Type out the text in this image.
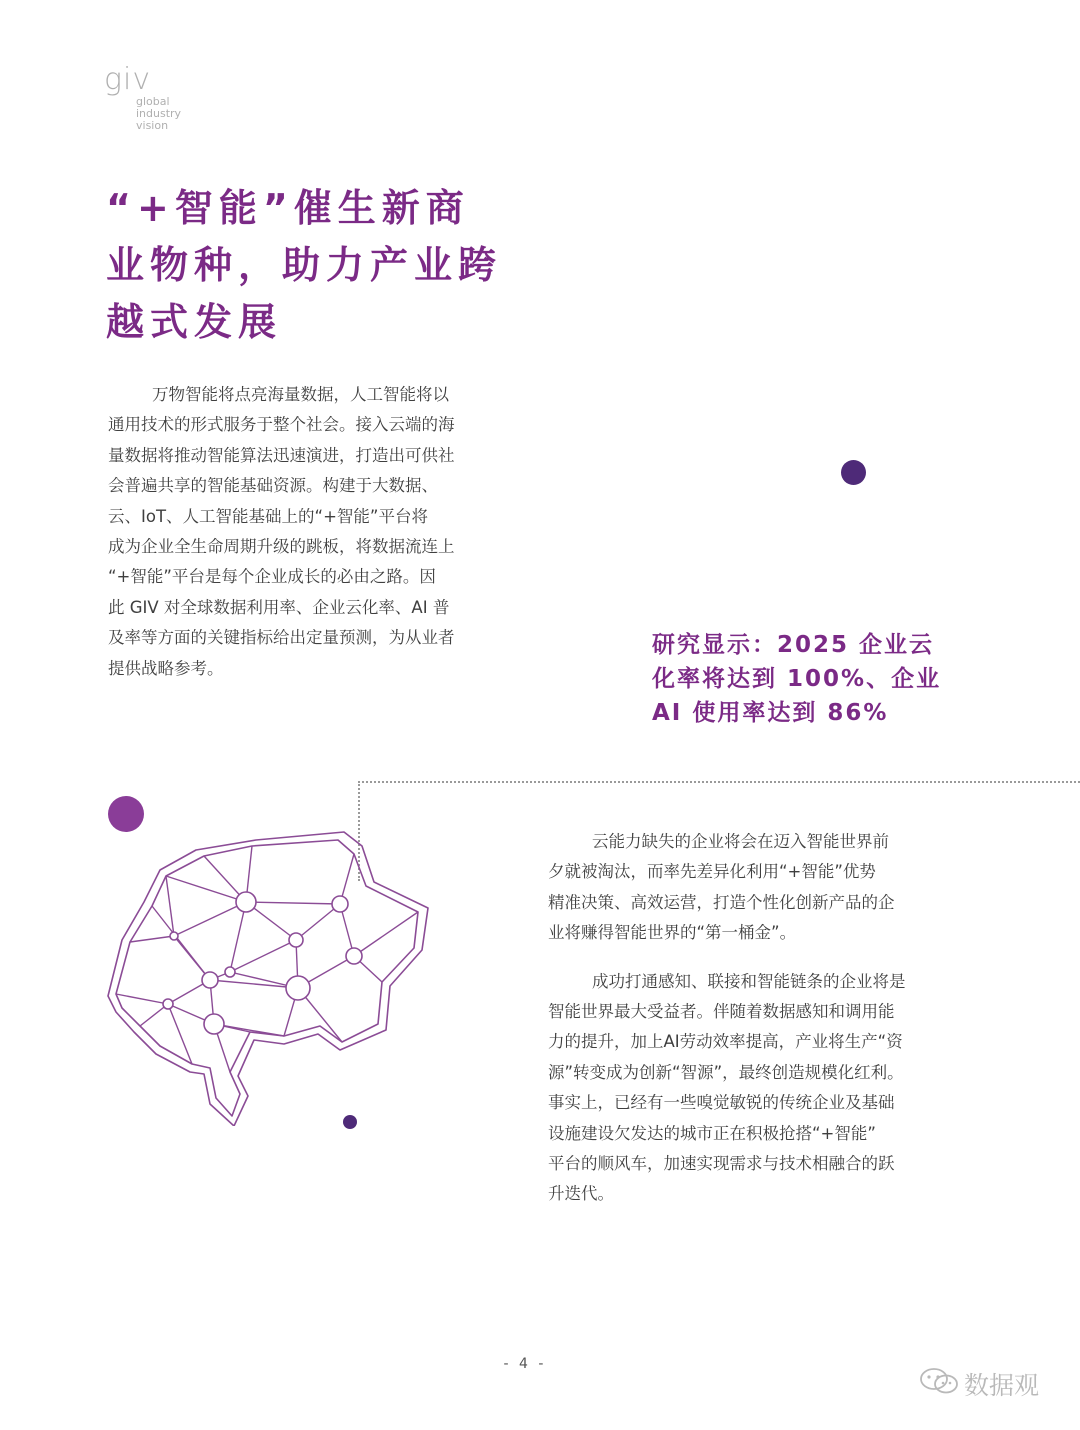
giv
global
industry
vision
“+智能”催生新商
业物种，助力产业跨
越式发展
万物智能将点亮海量数据，人工智能将以
通用技术的形式服务于整个社会。接入云端的海
量数据将推动智能算法迅速演进，打造出可供社
会普遍共享的智能基础资源。构建于大数据、
云、IoT、人工智能基础上的“+智能”平台将
成为企业全生命周期升级的跳板，将数据流连上
“+智能”平台是每个企业成长的必由之路。因
此 GIV 对全球数据利用率、企业云化率、AI 普
及率等方面的关键指标给出定量预测，为从业者
提供战略参考。
研究显示：2025 企业云
化率将达到 100%、企业
AI 使用率达到 86%
云能力缺失的企业将会在迈入智能世界前
夕就被淘汰，而率先差异化利用“+智能”优势
精准决策、高效运营，打造个性化创新产品的企
业将赚得智能世界的“第一桶金”。
成功打通感知、联接和智能链条的企业将是
智能世界最大受益者。伴随着数据感知和调用能
力的提升，加上AI劳动效率提高，产业将生产“资
源”转变成为创新“智源”，最终创造规模化红利。
事实上，已经有一些嗅觉敏锐的传统企业及基础
设施建设欠发达的城市正在积极抢搭“+智能”
平台的顺风车，加速实现需求与技术相融合的跃
升迭代。
- 4 -
数据观
